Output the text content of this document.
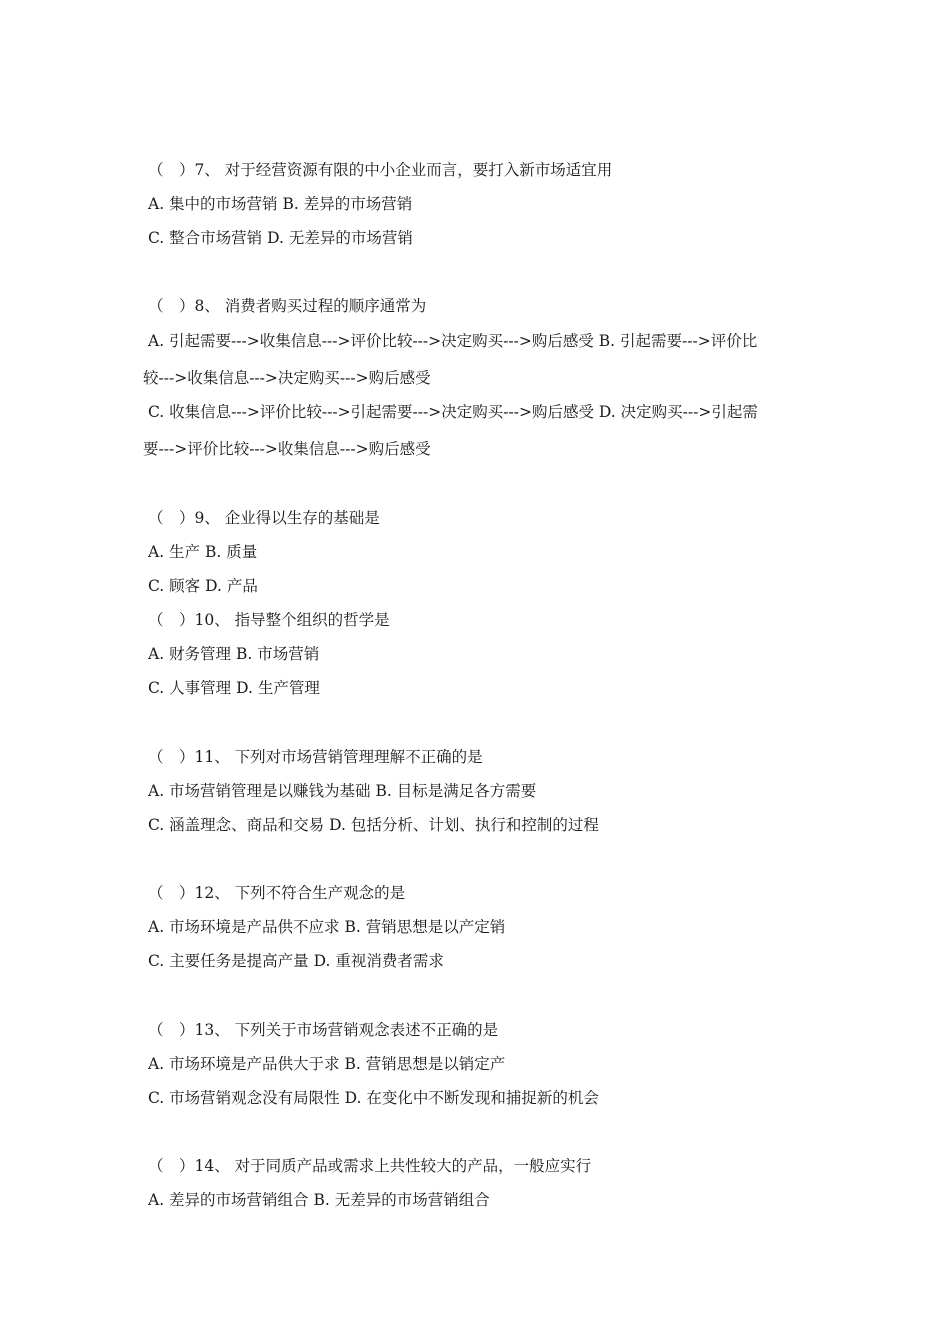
（　）7、 对于经营资源有限的中小企业而言，要打入新市场适宜用
A. 集中的市场营销 B. 差异的市场营销
C. 整合市场营销 D. 无差异的市场营销
（　）8、 消费者购买过程的顺序通常为
A. 引起需要--->收集信息--->评价比较--->决定购买--->购后感受 B. 引起需要--->评价比
较--->收集信息--->决定购买--->购后感受
C. 收集信息--->评价比较--->引起需要--->决定购买--->购后感受 D. 决定购买--->引起需
要--->评价比较--->收集信息--->购后感受
（　）9、 企业得以生存的基础是
A. 生产 B. 质量
C. 顾客 D. 产品
（　）10、 指导整个组织的哲学是
A. 财务管理 B. 市场营销
C. 人事管理 D. 生产管理
（　）11、 下列对市场营销管理理解不正确的是
A. 市场营销管理是以赚钱为基础 B. 目标是满足各方需要
C. 涵盖理念、商品和交易 D. 包括分析、计划、执行和控制的过程
（　）12、 下列不符合生产观念的是
A. 市场环境是产品供不应求 B. 营销思想是以产定销
C. 主要任务是提高产量 D. 重视消费者需求
（　）13、 下列关于市场营销观念表述不正确的是
A. 市场环境是产品供大于求 B. 营销思想是以销定产
C. 市场营销观念没有局限性 D. 在变化中不断发现和捕捉新的机会
（　）14、 对于同质产品或需求上共性较大的产品，一般应实行
A. 差异的市场营销组合 B. 无差异的市场营销组合
